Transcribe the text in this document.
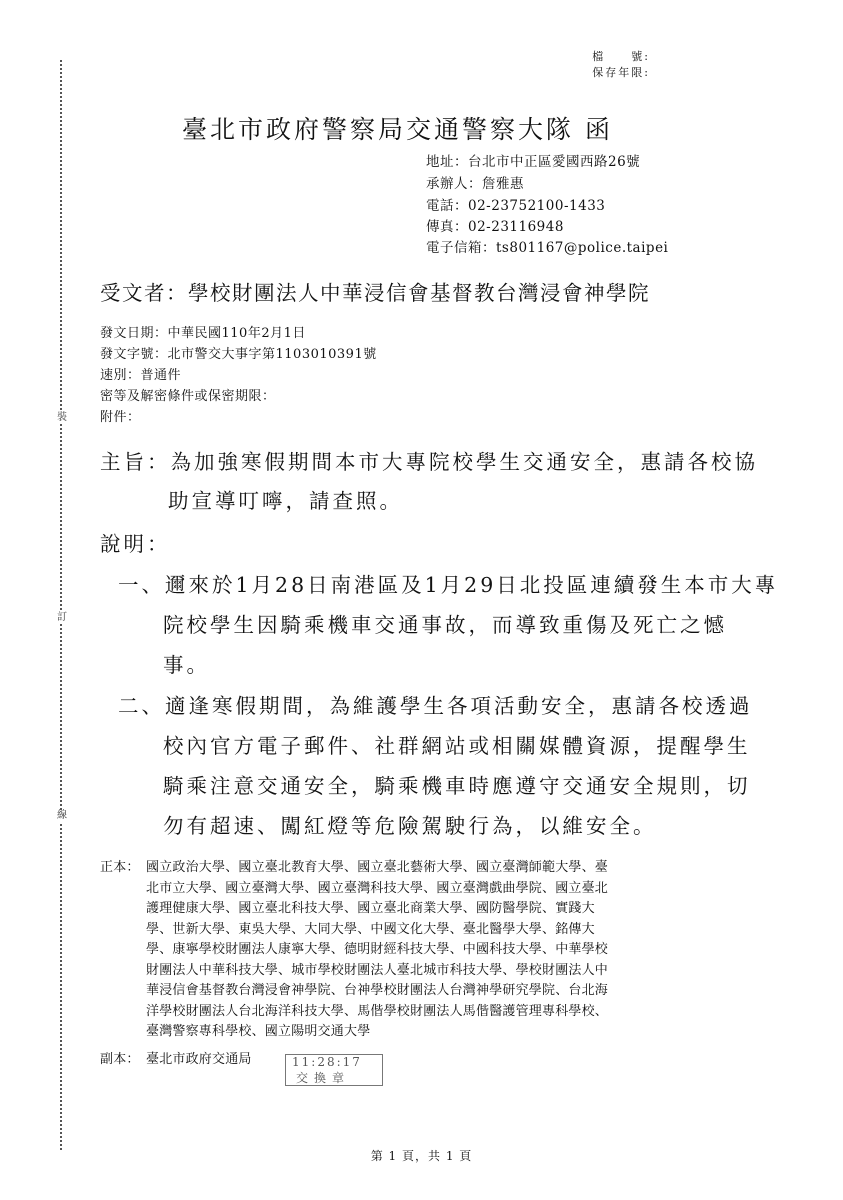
裝
訂
線
檔　　號:
保存年限:
臺北市政府警察局交通警察大隊 函
地址：台北市中正區愛國西路26號
承辦人：詹雅惠
電話：02-23752100-1433
傳真：02-23116948
電子信箱：ts801167@police.taipei
受文者：學校財團法人中華浸信會基督教台灣浸會神學院
發文日期：中華民國110年2月1日
發文字號：北市警交大事字第1103010391號
速別：普通件
密等及解密條件或保密期限：
附件：
主旨：為加強寒假期間本市大專院校學生交通安全，惠請各校協
助宣導叮嚀，請查照。
說明：
一、邇來於1月28日南港區及1月29日北投區連續發生本市大專
院校學生因騎乘機車交通事故，而導致重傷及死亡之憾
事。
二、適逢寒假期間，為維護學生各項活動安全，惠請各校透過
校內官方電子郵件、社群網站或相關媒體資源，提醒學生
騎乘注意交通安全，騎乘機車時應遵守交通安全規則，切
勿有超速、闖紅燈等危險駕駛行為，以維安全。
正本： 國立政治大學、國立臺北教育大學、國立臺北藝術大學、國立臺灣師範大學、臺
北市立大學、國立臺灣大學、國立臺灣科技大學、國立臺灣戲曲學院、國立臺北
護理健康大學、國立臺北科技大學、國立臺北商業大學、國防醫學院、實踐大
學、世新大學、東吳大學、大同大學、中國文化大學、臺北醫學大學、銘傳大
學、康寧學校財團法人康寧大學、德明財經科技大學、中國科技大學、中華學校
財團法人中華科技大學、城市學校財團法人臺北城市科技大學、學校財團法人中
華浸信會基督教台灣浸會神學院、台神學校財團法人台灣神學研究學院、台北海
洋學校財團法人台北海洋科技大學、馬偕學校財團法人馬偕醫護管理專科學校、
臺灣警察專科學校、國立陽明交通大學
副本： 臺北市政府交通局	11:28:17
交換章
第 1 頁，共 1 頁
